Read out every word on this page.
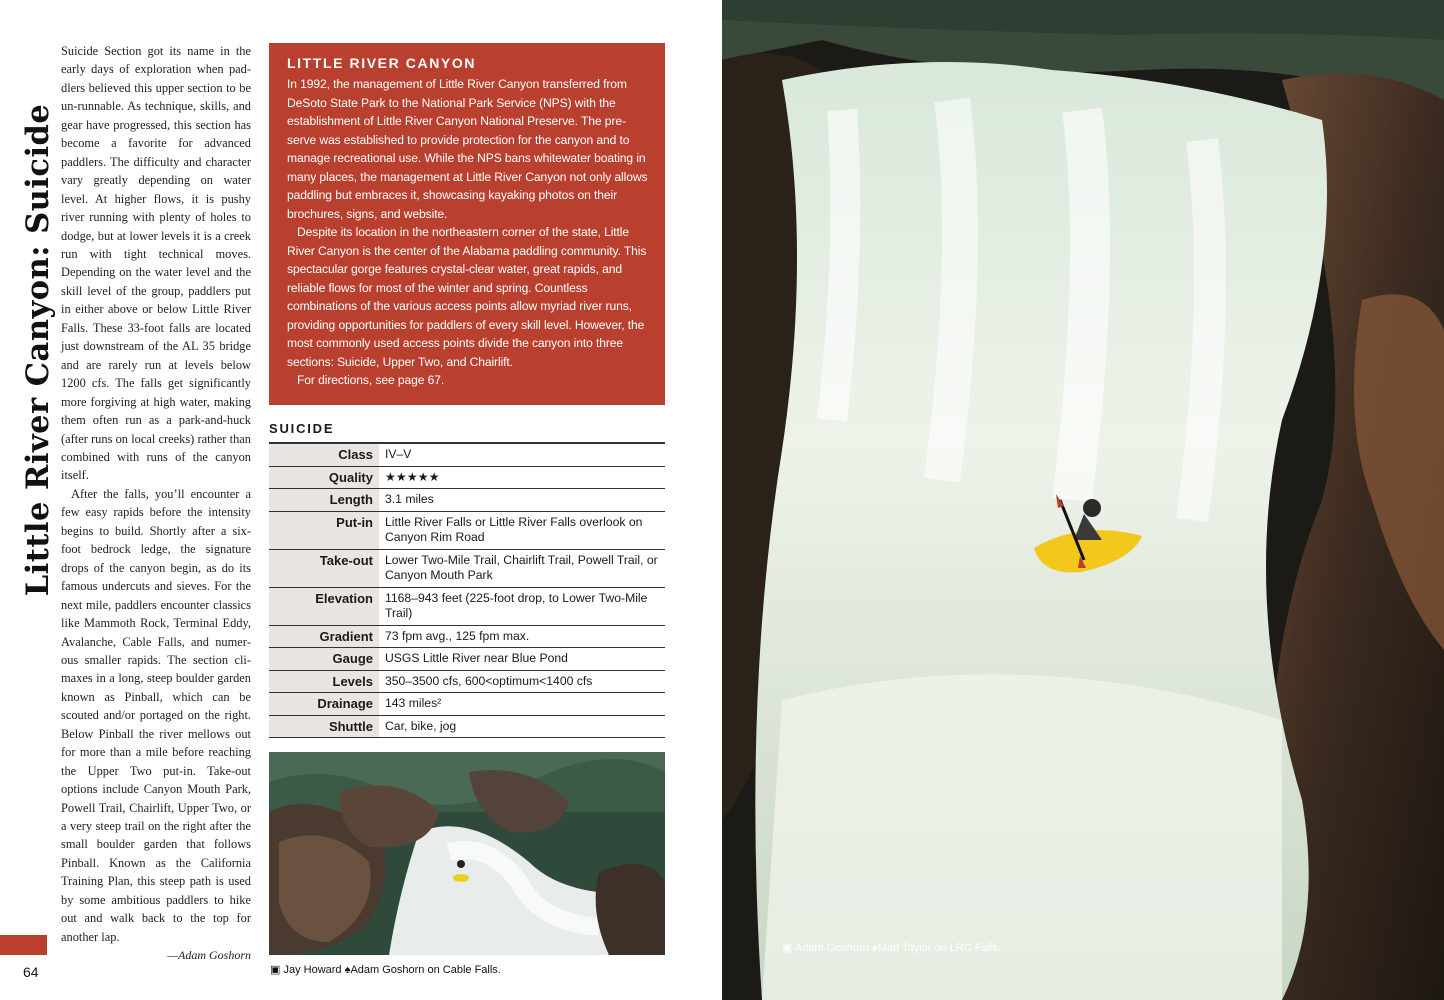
Little River Canyon: Suicide

Suicide Section got its name in the early days of exploration when paddlers believed this upper section to be un-runnable. As technique, skills, and gear have progressed, this section has become a favorite for advanced paddlers. The difficulty and character vary greatly depending on water level. At higher flows, it is pushy river running with plenty of holes to dodge, but at lower levels it is a creek run with tight technical moves. Depending on the water level and the skill level of the group, paddlers put in either above or below Little River Falls. These 33-foot falls are located just downstream of the AL 35 bridge and are rarely run at levels below 1200 cfs. The falls get significantly more forgiving at high water, making them often run as a park-and-huck (after runs on local creeks) rather than combined with runs of the canyon itself.

After the falls, you’ll encounter a few easy rapids before the intensity begins to build. Shortly after a six-foot bedrock ledge, the signature drops of the canyon begin, as do its famous undercuts and sieves. For the next mile, paddlers encounter classics like Mammoth Rock, Terminal Eddy, Avalanche, Cable Falls, and numerous smaller rapids. The section climaxes in a long, steep boulder garden known as Pinball, which can be scouted and/or portaged on the right. Below Pinball the river mellows out for more than a mile before reaching the Upper Two put-in. Take-out options include Canyon Mouth Park, Powell Trail, Chairlift, Upper Two, or a very steep trail on the right after the small boulder garden that follows Pinball. Known as the California Training Plan, this steep path is used by some ambitious paddlers to hike out and walk back to the top for another lap.

—Adam Goshorn
64
LITTLE RIVER CANYON

In 1992, the management of Little River Canyon transferred from DeSoto State Park to the National Park Service (NPS) with the establishment of Little River Canyon National Preserve. The preserve was established to provide protection for the canyon and to manage recreational use. While the NPS bans whitewater boating in many places, the management at Little River Canyon not only allows paddling but embraces it, showcasing kayaking photos on their brochures, signs, and website.

Despite its location in the northeastern corner of the state, Little River Canyon is the center of the Alabama paddling community. This spectacular gorge features crystal-clear water, great rapids, and reliable flows for most of the winter and spring. Countless combinations of the various access points allow myriad river runs, providing opportunities for paddlers of every skill level. However, the most commonly used access points divide the canyon into three sections: Suicide, Upper Two, and Chairlift.

For directions, see page 67.

SUICIDE
Class IV–V
Quality ★★★★★
Length 3.1 miles
Put-in Little River Falls or Little River Falls overlook on Canyon Rim Road
Take-out Lower Two-Mile Trail, Chairlift Trail, Powell Trail, or Canyon Mouth Park
Elevation 1168–943 feet (225-foot drop, to Lower Two-Mile Trail)
Gradient 73 fpm avg., 125 fpm max.
Gauge USGS Little River near Blue Pond
Levels 350–3500 cfs, 600<optimum<1400 cfs
Drainage 143 miles²
Shuttle Car, bike, jog
▣ Jay Howard ♠Adam Goshorn on Cable Falls.
▣ Adam Goshorn ♠Matt Taylor on LRC Falls.
